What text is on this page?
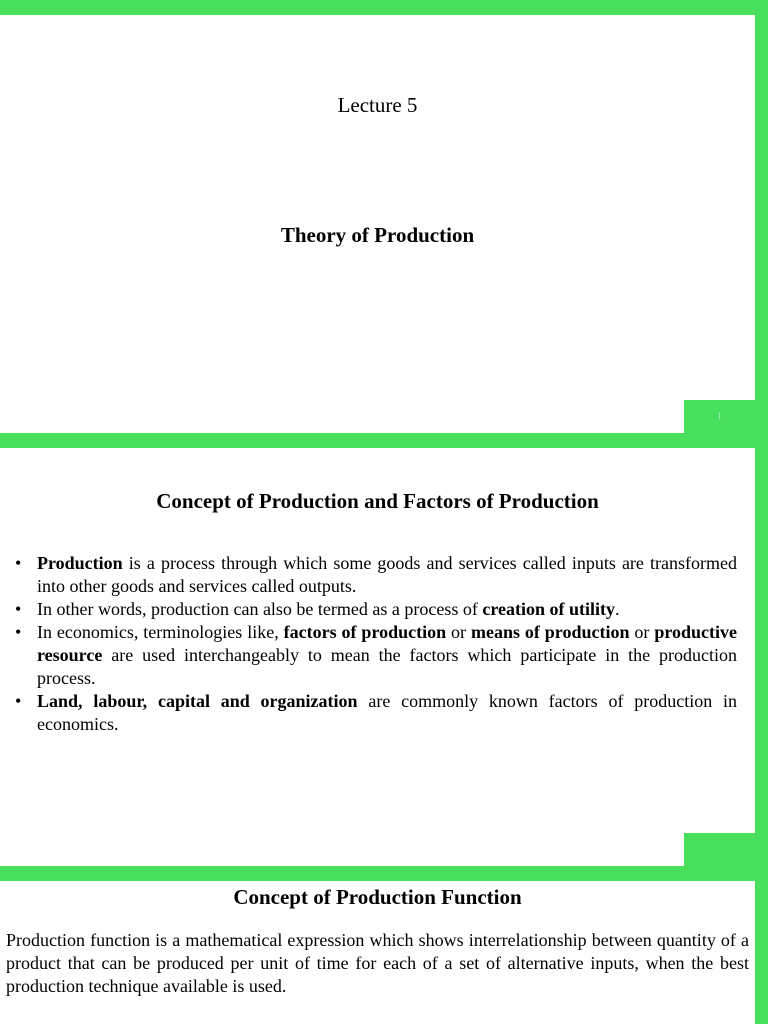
Lecture 5
Theory of Production
1
Concept of Production and Factors of Production
• Production is a process through which some goods and services called inputs are transformed into other goods and services called outputs.
• In other words, production can also be termed as a process of creation of utility.
• In economics, terminologies like, factors of production or means of production or productive resource are used interchangeably to mean the factors which participate in the production process.
• Land, labour, capital and organization are commonly known factors of production in economics.
Concept of Production Function

Production function is a mathematical expression which shows interrelationship between quantity of a product that can be produced per unit of time for each of a set of alternative inputs, when the best production technique available is used.
